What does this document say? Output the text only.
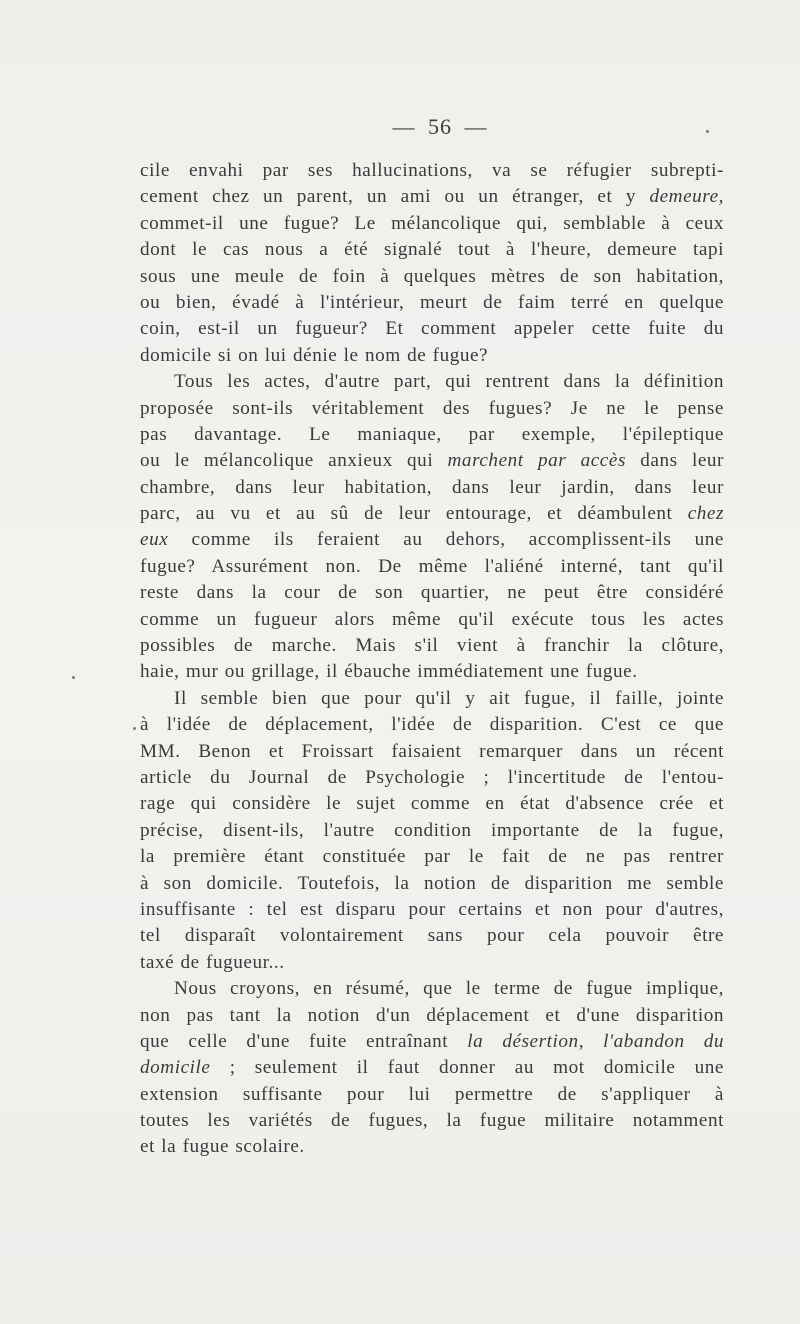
— 56 —
cile envahi par ses hallucinations, va se réfugier subrepti-
cement chez un parent, un ami ou un étranger, et y demeure,
commet-il une fugue? Le mélancolique qui, semblable à ceux
dont le cas nous a été signalé tout à l'heure, demeure tapi
sous une meule de foin à quelques mètres de son habitation,
ou bien, évadé à l'intérieur, meurt de faim terré en quelque
coin, est-il un fugueur? Et comment appeler cette fuite du
domicile si on lui dénie le nom de fugue?
Tous les actes, d'autre part, qui rentrent dans la définition
proposée sont-ils véritablement des fugues? Je ne le pense
pas davantage. Le maniaque, par exemple, l'épileptique
ou le mélancolique anxieux qui marchent par accès dans leur
chambre, dans leur habitation, dans leur jardin, dans leur
parc, au vu et au sû de leur entourage, et déambulent chez
eux comme ils feraient au dehors, accomplissent-ils une
fugue? Assurément non. De même l'aliéné interné, tant qu'il
reste dans la cour de son quartier, ne peut être considéré
comme un fugueur alors même qu'il exécute tous les actes
possibles de marche. Mais s'il vient à franchir la clôture,
haie, mur ou grillage, il ébauche immédiatement une fugue.
Il semble bien que pour qu'il y ait fugue, il faille, jointe
à l'idée de déplacement, l'idée de disparition. C'est ce que
MM. Benon et Froissart faisaient remarquer dans un récent
article du Journal de Psychologie ; l'incertitude de l'entou-
rage qui considère le sujet comme en état d'absence crée et
précise, disent-ils, l'autre condition importante de la fugue,
la première étant constituée par le fait de ne pas rentrer
à son domicile. Toutefois, la notion de disparition me semble
insuffisante : tel est disparu pour certains et non pour d'autres,
tel disparaît volontairement sans pour cela pouvoir être
taxé de fugueur...
Nous croyons, en résumé, que le terme de fugue implique,
non pas tant la notion d'un déplacement et d'une disparition
que celle d'une fuite entraînant la désertion, l'abandon du
domicile ; seulement il faut donner au mot domicile une
extension suffisante pour lui permettre de s'appliquer à
toutes les variétés de fugues, la fugue militaire notamment
et la fugue scolaire.
